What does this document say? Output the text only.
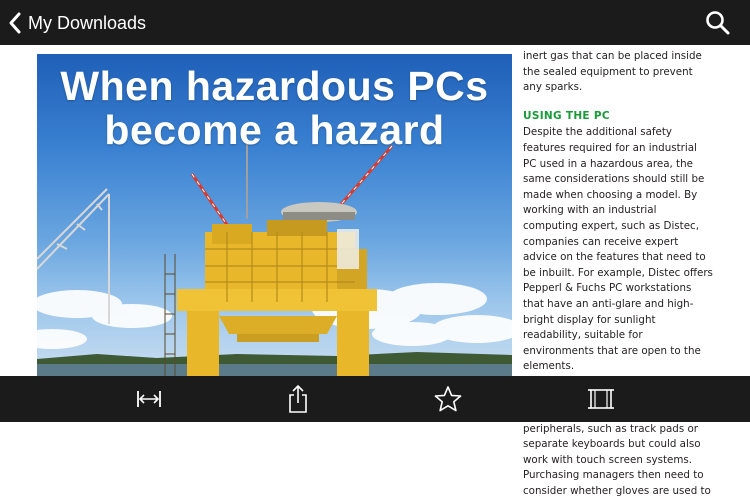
My Downloads
When hazardous PCs
become a hazard

inert gas that can be placed inside the sealed equipment to prevent any sparks.

USING THE PC

Despite the additional safety features required for an industrial PC used in a hazardous area, the same considerations should still be made when choosing a model. By working with an industrial computing expert, such as Distec, companies can receive expert advice on the features that need to be inbuilt. For example, Distec offers Pepperl & Fuchs PC workstations that have an anti-glare and high-bright display for sunlight readability, suitable for environments that are open to the elements.

peripherals, such as track pads or separate keyboards but could also work with touch screen systems. Purchasing managers then need to consider whether gloves are used to
